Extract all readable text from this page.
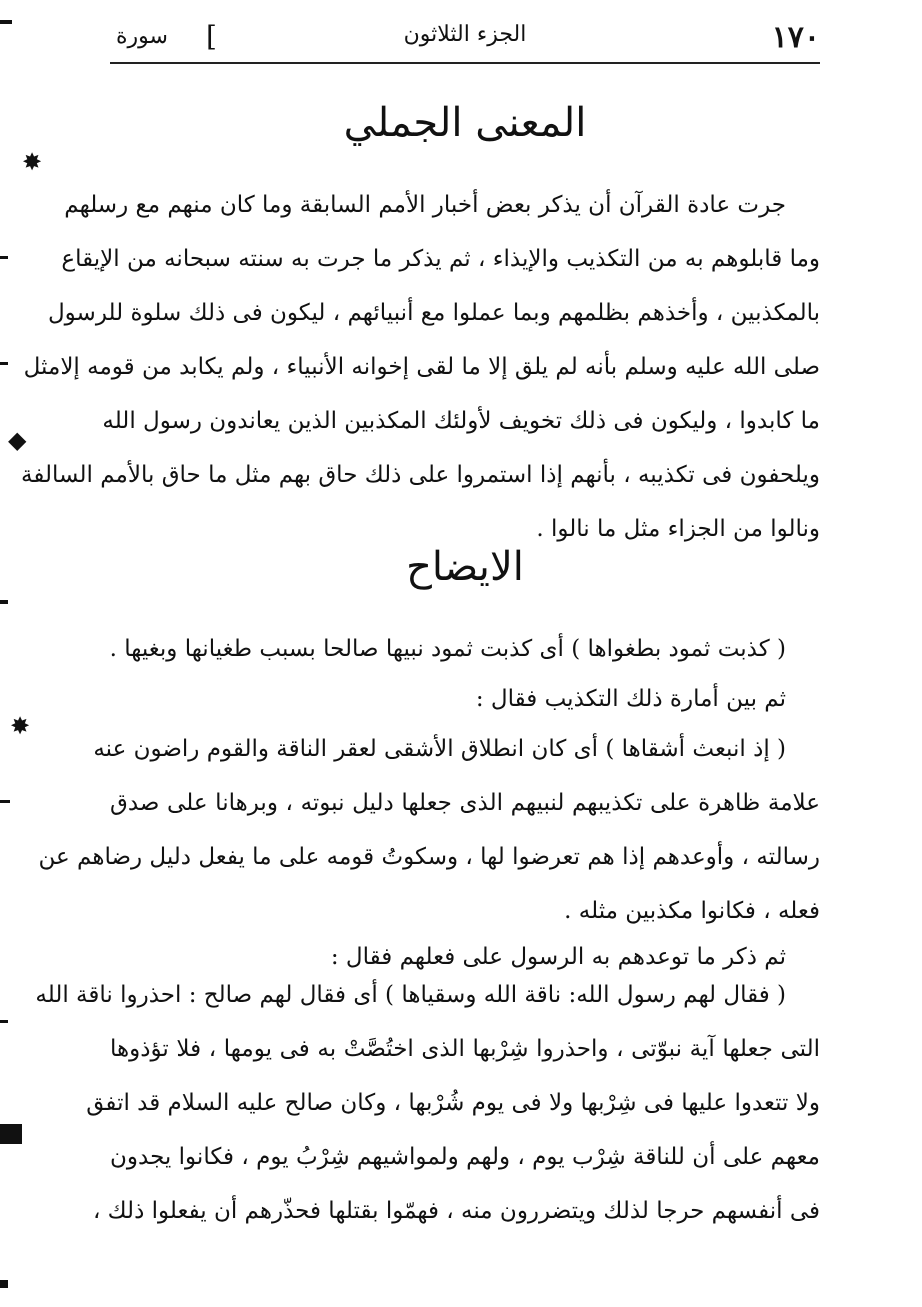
١٧٠
الجزء الثلاثون
]
سورة
المعنى الجملي
جرت عادة القرآن أن يذكر بعض أخبار الأمم السابقة وما كان منهم مع رسلهم
وما قابلوهم به من التكذيب والإيذاء ، ثم يذكر ما جرت به سنته سبحانه من الإيقاع
بالمكذبين ، وأخذهم بظلمهم وبما عملوا مع أنبيائهم ، ليكون فى ذلك سلوة للرسول
صلى الله عليه وسلم بأنه لم يلق إلا ما لقى إخوانه الأنبياء ، ولم يكابد من قومه إلامثل
ما كابدوا ، وليكون فى ذلك تخويف لأولئك المكذبين الذين يعاندون رسول الله
ويلحفون فى تكذيبه ، بأنهم إذا استمروا على ذلك حاق بهم مثل ما حاق بالأمم السالفة
ونالوا من الجزاء مثل ما نالوا .
الايضاح
( كذبت ثمود بطغواها ) أى كذبت ثمود نبيها صالحا بسبب طغيانها وبغيها .
ثم بين أمارة ذلك التكذيب فقال :
( إذ انبعث أشقاها ) أى كان انطلاق الأشقى لعقر الناقة والقوم راضون عنه
علامة ظاهرة على تكذيبهم لنبيهم الذى جعلها دليل نبوته ، وبرهانا على صدق
رسالته ، وأوعدهم إذا هم تعرضوا لها ، وسكوتُ قومه على ما يفعل دليل رضاهم عن
فعله ، فكانوا مكذبين مثله .
ثم ذكر ما توعدهم به الرسول على فعلهم فقال :
( فقال لهم رسول الله: ناقة الله وسقياها ) أى فقال لهم صالح : احذروا ناقة الله
التى جعلها آية نبوّتى ، واحذروا شِرْبها الذى اختُصَّتْ به فى يومها ، فلا تؤذوها
ولا تتعدوا عليها فى شِرْبها ولا فى يوم شُرْبها ، وكان صالح عليه السلام قد اتفق
معهم على أن للناقة شِرْب يوم ، ولهم ولمواشيهم شِرْبُ يوم ، فكانوا يجدون
فى أنفسهم حرجا لذلك ويتضررون منه ، فهمّوا بقتلها فحذّرهم أن يفعلوا ذلك ،
✸
◆
✸
